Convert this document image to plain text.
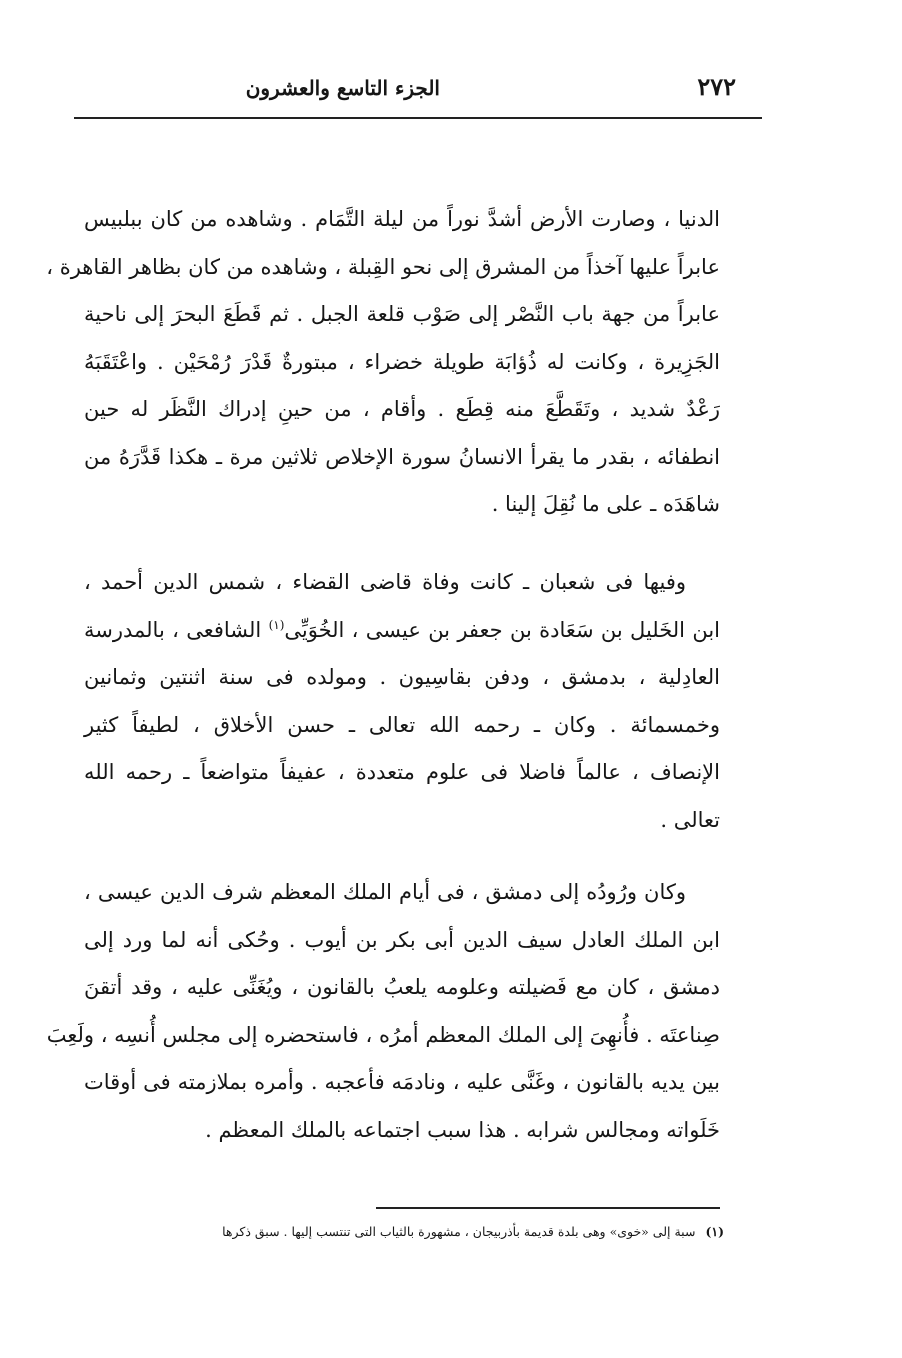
٢٧٢
الجزء التاسع والعشرون
الدنيا ، وصارت الأرض أشدَّ نوراً من ليلة التَّمَام . وشاهده من كان ببلبيس
عابراً عليها آخذاً من المشرق إلى نحو القِبلة ، وشاهده من كان بظاهر القاهرة ،
عابراً من جهة باب النَّصْر إلى صَوْب قلعة الجبل . ثم قَطَعَ البحرَ إلى ناحية
الجَزِيرة ، وكانت له ذُؤابَة طويلة خضراء ، مبتورةٌ قَدْرَ رُمْحَيْن . واعْتَقَبَهُ
رَعْدٌ شديد ، وتَقَطَّعَ منه قِطَع . وأقام ، من حينِ إدراك النَّظَر له حين
انطفائه ، بقدر ما يقرأ الانسانُ سورة الإخلاص ثلاثين مرة ـ هكذا قَدَّرَهُ من
شاهَدَه ـ على ما نُقِلَ إلينا .
وفيها فى شعبان ـ كانت وفاة قاضى القضاء ، شمس الدين أحمد ،
ابن الخَليل بن سَعَادة بن جعفر بن عيسى ، الخُوَيِّى$^{(١)}$ الشافعى ، بالمدرسة
العادِلية ، بدمشق ، ودفن بقاسِيون . ومولده فى سنة اثنتين وثمانين
وخمسمائة . وكان ـ رحمه الله تعالى ـ حسن الأخلاق ، لطيفاً كثير
الإنصاف ، عالماً فاضلا فى علوم متعددة ، عفيفاً متواضعاً ـ رحمه الله
تعالى .
وكان ورُودُه إلى دمشق ، فى أيام الملك المعظم شرف الدين عيسى ،
ابن الملك العادل سيف الدين أبى بكر بن أيوب . وحُكى أنه لما ورد إلى
دمشق ، كان مع فَضيلته وعلومه يلعبُ بالقانون ، ويُغَنِّى عليه ، وقد أتقنَ
صِناعتَه . فأُنهِىَ إلى الملك المعظم أمرُه ، فاستحضره إلى مجلس أُنسِه ، ولَعِبَ
بين يديه بالقانون ، وغَنَّى عليه ، ونادمَه فأعجبه . وأمره بملازمته فى أوقات
خَلَواته ومجالس شرابه . هذا سبب اجتماعه بالملك المعظم .
(١)سبة إلى «خوى» وهى بلدة قديمة بأذربيجان ، مشهورة بالثياب التى تنتسب إليها . سبق ذكرها
